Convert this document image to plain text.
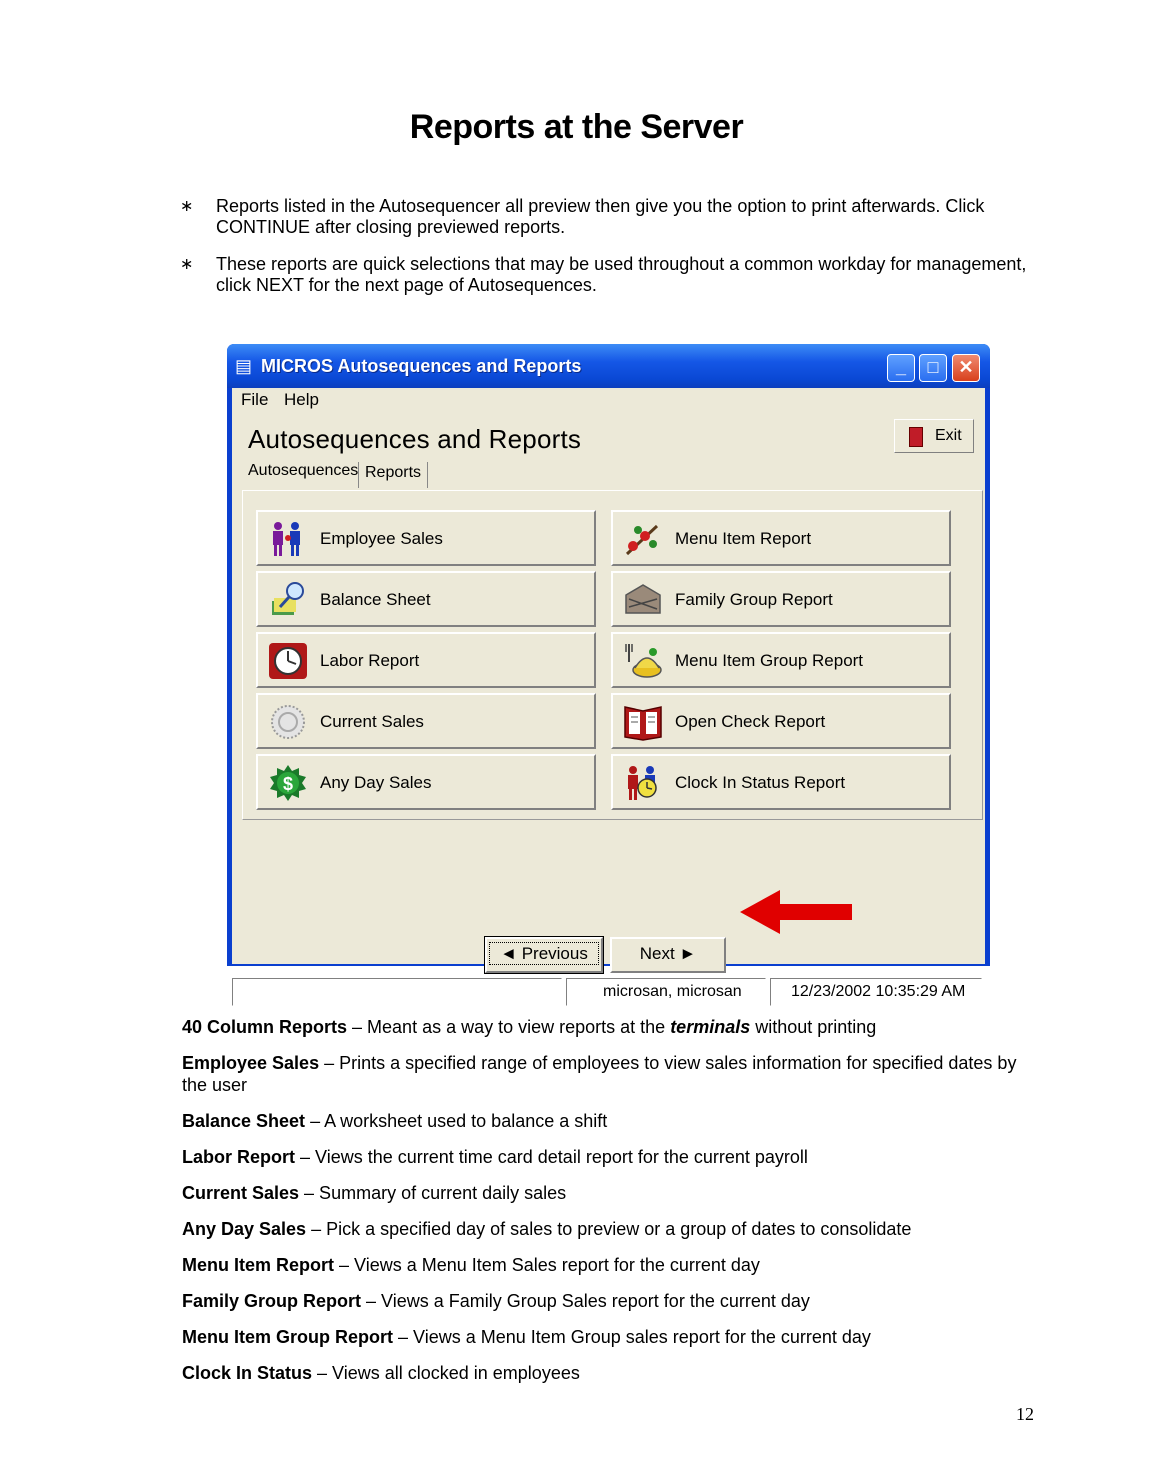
Reports at the Server
∗	Reports listed in the Autosequencer all preview then give you the option to print afterwards. Click CONTINUE after closing previewed reports.
∗	These reports are quick selections that may be used throughout a common workday for management, click NEXT for the next page of Autosequences.
▤ MICROS Autosequences and Reports	_	□	✕
File Help
Autosequences and Reports	Exit
Autosequences Reports
Employee Sales
Balance Sheet
Labor Report
Current Sales
$ Any Day Sales
Menu Item Report
Family Group Report
Menu Item Group Report
Open Check Report
Clock In Status Report
◄ Previous	Next ►
microsan, microsan	12/23/2002 10:35:29 AM
40 Column Reports – Meant as a way to view reports at the terminals without printing
Employee Sales – Prints a specified range of employees to view sales information for specified dates by the user
Balance Sheet – A worksheet used to balance a shift
Labor Report – Views the current time card detail report for the current payroll
Current Sales – Summary of current daily sales
Any Day Sales – Pick a specified day of sales to preview or a group of dates to consolidate
Menu Item Report – Views a Menu Item Sales report for the current day
Family Group Report – Views a Family Group Sales report for the current day
Menu Item Group Report – Views a Menu Item Group sales report for the current day
Clock In Status – Views all clocked in employees
12
